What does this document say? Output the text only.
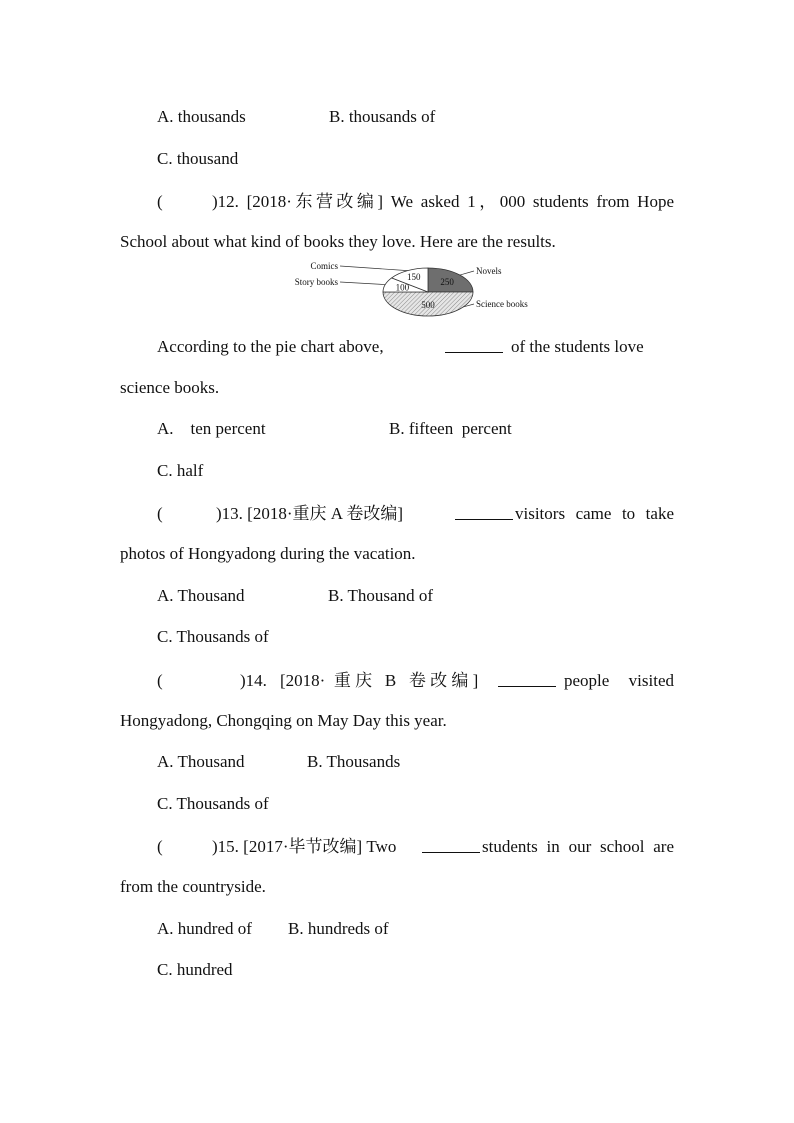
A. thousands	B. thousands of
C. thousand
(	)12. [2018·东营改编] We asked 1，000 students from Hope
School about what kind of books they love. Here are the results.
250
500
100
150
Novels
Science books
Story books
Comics
According to the pie chart above,	of the students love
science books.
A.    ten percent	B. fifteen  percent
C. half
(	)13. [2018·重庆 A 卷改编]	visitors came to take
photos of Hongyadong during the vacation.
A. Thousand	B. Thousand of
C. Thousands of
(	)14. [2018·  重 庆   B   卷 改 编 ]	people visited
Hongyadong, Chongqing on May Day this year.
A. Thousand	B. Thousands
C. Thousands of
(	)15. [2017·毕节改编] Two	students in our school are
from the countryside.
A. hundred of B. hundreds of
C. hundred
